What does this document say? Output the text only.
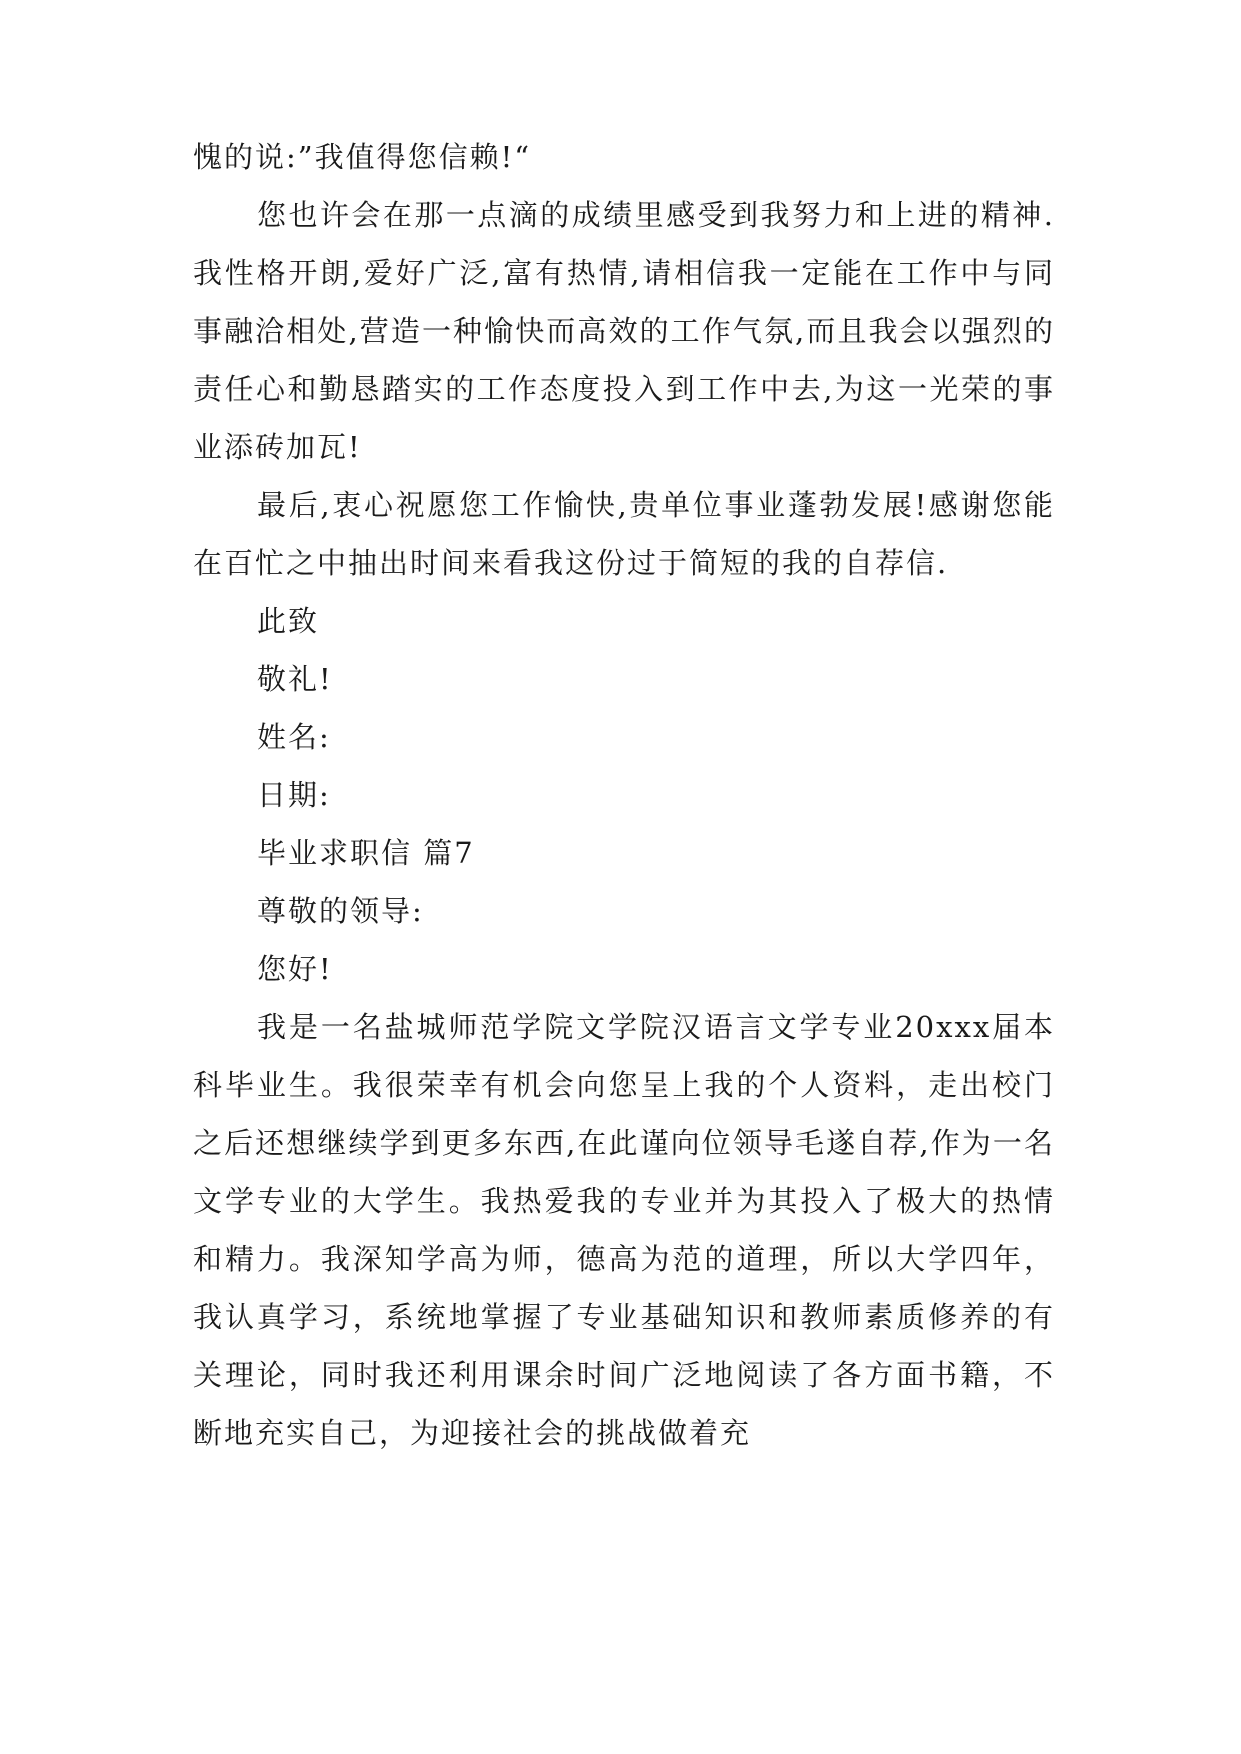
愧的说:”我值得您信赖!“

您也许会在那一点滴的成绩里感受到我努力和上进的精神.我性格开朗,爱好广泛,富有热情,请相信我一定能在工作中与同事融洽相处,营造一种愉快而高效的工作气氛,而且我会以强烈的责任心和勤恳踏实的工作态度投入到工作中去,为这一光荣的事业添砖加瓦!

最后,衷心祝愿您工作愉快,贵单位事业蓬勃发展!感谢您能在百忙之中抽出时间来看我这份过于简短的我的自荐信.

此致

敬礼!

姓名:

日期:

毕业求职信 篇7

尊敬的领导:

您好!

我是一名盐城师范学院文学院汉语言文学专业20xxx届本科毕业生。我很荣幸有机会向您呈上我的个人资料，走出校门之后还想继续学到更多东西,在此谨向位领导毛遂自荐,作为一名文学专业的大学生。我热爱我的专业并为其投入了极大的热情和精力。我深知学高为师，德高为范的道理，所以大学四年，我认真学习，系统地掌握了专业基础知识和教师素质修养的有关理论，同时我还利用课余时间广泛地阅读了各方面书籍，不断地充实自己，为迎接社会的挑战做着充
